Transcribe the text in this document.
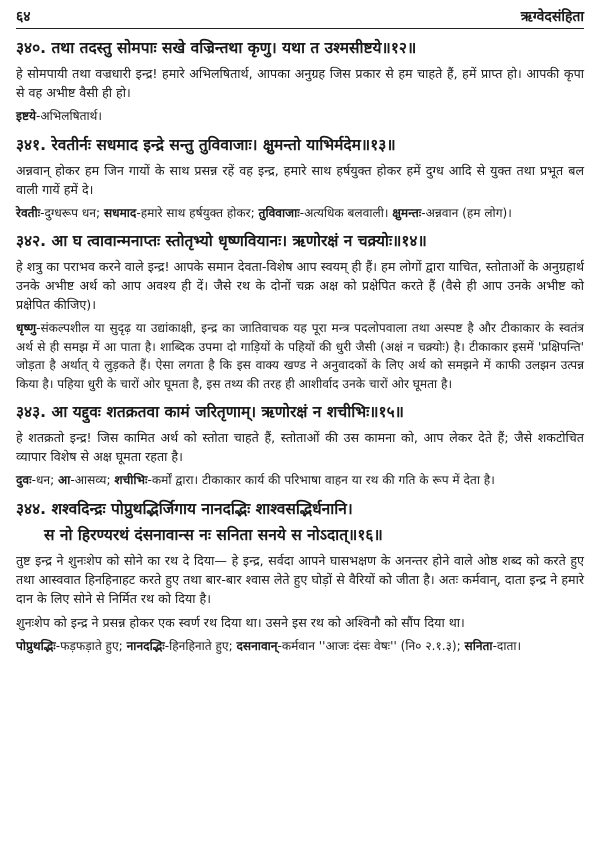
६४	ऋग्वेदसंहिता
३४०. तथा तदस्तु सोमपाः सखे वज्रिन्तथा कृणु। यथा त उश्मसीष्टये॥१२॥
हे सोमपायी तथा वज्रधारी इन्द्र! हमारे अभिलषितार्थ, आपका अनुग्रह जिस प्रकार से हम चाहते हैं, हमें प्राप्त हो। आपकी कृपा से वह अभीष्ट वैसी ही हो।
इष्टये-अभिलषितार्थ।
३४१. रेवतीर्नः सधमाद इन्द्रे सन्तु तुविवाजाः। क्षुमन्तो याभिर्मदेम॥१३॥
अन्नवान् होकर हम जिन गायों के साथ प्रसन्न रहें वह इन्द्र, हमारे साथ हर्षयुक्त होकर हमें दुग्ध आदि से युक्त तथा प्रभूत बल वाली गायें हमें दे।
रेवतीः-दुग्धरूप धन; सधमाद-हमारे साथ हर्षयुक्त होकर; तुविवाजाः-अत्यधिक बलवाली। क्षुमन्तः-अन्नवान (हम लोग)।
३४२. आ घ त्वावान्मनाप्तः स्तोतृभ्यो धृष्णवियानः। ऋणोरक्षं न चक्र्योः॥१४॥
हे शत्रु का पराभव करने वाले इन्द्र! आपके समान देवता-विशेष आप स्वयम् ही हैं। हम लोगों द्वारा याचित, स्तोताओं के अनुग्रहार्थ उनके अभीष्ट अर्थ को आप अवश्य ही दें। जैसे रथ के दोनों चक्र अक्ष को प्रक्षेपित करते हैं (वैसे ही आप उनके अभीष्ट को प्रक्षेपित कीजिए)।
धृष्णु-संकल्पशील या सुदृढ़ या उद्यांकाक्षी, इन्द्र का जातिवाचक यह पूरा मन्त्र पदलोपवाला तथा अस्पष्ट है और टीकाकार के स्वतंत्र अर्थ से ही समझ में आ पाता है। शाब्दिक उपमा दो गाड़ियों के पहियों की धुरी जैसी (अक्षं न चक्र्योः) है। टीकाकार इसमें 'प्रक्षिपन्ति' जोड़ता है अर्थात् ये लुड़कते हैं। ऐसा लगता है कि इस वाक्य खण्ड ने अनुवादकों के लिए अर्थ को समझने में काफी उलझन उत्पन्न किया है। पहिया धुरी के चारों ओर घूमता है, इस तथ्य की तरह ही आशीर्वाद उनके चारों ओर घूमता है।
३४३. आ यद्दुवः शतक्रतवा कामं जरितृणाम्। ऋणोरक्षं न शचीभिः॥१५॥
हे शतक्रतो इन्द्र! जिस कामित अर्थ को स्तोता चाहते हैं, स्तोताओं की उस कामना को, आप लेकर देते हैं; जैसे शकटोचित व्यापार विशेष से अक्ष घूमता रहता है।
दुवः-धन; आ-आसव्य; शचीभिः-कर्मों द्वारा। टीकाकार कार्य की परिभाषा वाहन या रथ की गति के रूप में देता है।
३४४. शश्वदिन्द्रः पोप्रुथद्भिर्जिगाय नानदद्भिः शाश्वसद्भिर्धनानि।
स नो हिरण्यरथं दंसनावान्स नः सनिता सनये स नोऽदात्॥१६॥
तुष्ट इन्द्र ने शुनःशेप को सोने का रथ दे दिया— हे इन्द्र, सर्वदा आपने घासभक्षण के अनन्तर होने वाले ओष्ठ शब्द को करते हुए तथा आस्ववात हिनहिनाहट करते हुए तथा बार-बार श्वास लेते हुए घोड़ों से वैरियों को जीता है। अतः कर्मवान्, दाता इन्द्र ने हमारे दान के लिए सोने से निर्मित रथ को दिया है।
शुनःशेप को इन्द्र ने प्रसन्न होकर एक स्वर्ण रथ दिया था। उसने इस रथ को अश्विनौ को सौंप दिया था।
पोप्रुथद्भिः-फड़फड़ाते हुए; नानदद्भिः-हिनहिनाते हुए; दसनावान्-कर्मवान ''आजः दंसः वेषः'' (नि० २.१.३); सनिता-दाता।
